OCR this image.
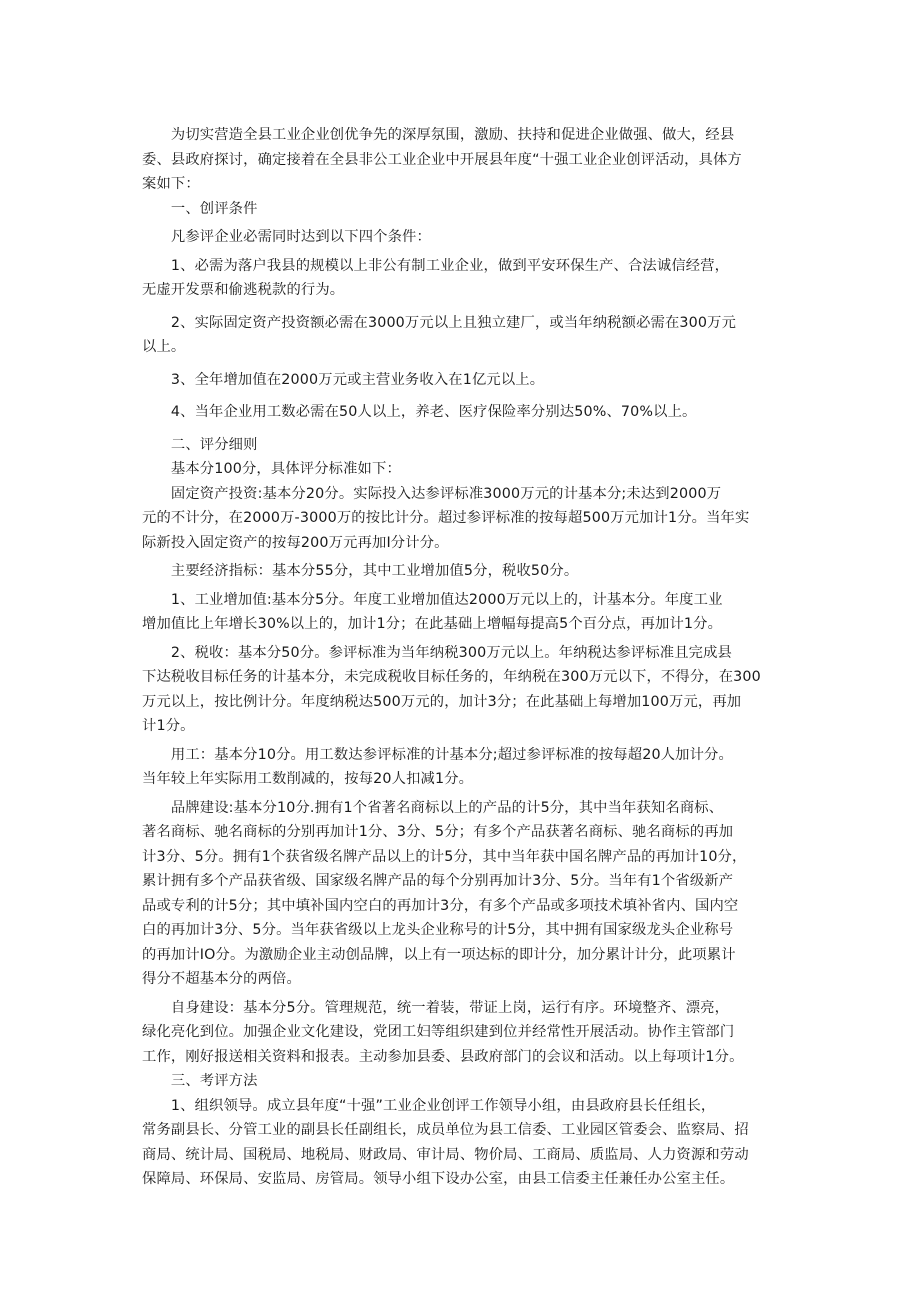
　　为切实营造全县工业企业创优争先的深厚氛围，激励、扶持和促进企业做强、做大，经县
委、县政府探讨，确定接着在全县非公工业企业中开展县年度“十强工业企业创评活动，具体方
案如下：

　　一、创评条件

　　凡参评企业必需同时达到以下四个条件：

　　1、必需为落户我县的规模以上非公有制工业企业，做到平安环保生产、合法诚信经营，
无虚开发票和偷逃税款的行为。

　　2、实际固定资产投资额必需在3000万元以上且独立建厂，或当年纳税额必需在300万元
以上。

　　3、全年增加值在2000万元或主营业务收入在1亿元以上。

　　4、当年企业用工数必需在50人以上，养老、医疗保险率分别达50%、70%以上。

　　二、评分细则

　　基本分100分，具体评分标准如下：

　　固定资产投资:基本分20分。实际投入达参评标准3000万元的计基本分;未达到2000万
元的不计分，在2000万-3000万的按比计分。超过参评标准的按每超500万元加计1分。当年实
际新投入固定资产的按每200万元再加I分计分。

　　主要经济指标：基本分55分，其中工业增加值5分，税收50分。

　　1、工业增加值:基本分5分。年度工业增加值达2000万元以上的，计基本分。年度工业
增加值比上年增长30%以上的，加计1分；在此基础上增幅每提高5个百分点，再加计1分。

　　2、税收：基本分50分。参评标准为当年纳税300万元以上。年纳税达参评标准且完成县
下达税收目标任务的计基本分，未完成税收目标任务的，年纳税在300万元以下，不得分，在300
万元以上，按比例计分。年度纳税达500万元的，加计3分；在此基础上每增加100万元，再加
计1分。

　　用工：基本分10分。用工数达参评标准的计基本分;超过参评标准的按每超20人加计分。
当年较上年实际用工数削减的，按每20人扣减1分。

　　品牌建设:基本分10分.拥有1个省著名商标以上的产品的计5分，其中当年获知名商标、
著名商标、驰名商标的分别再加计1分、3分、5分；有多个产品获著名商标、驰名商标的再加
计3分、5分。拥有1个获省级名牌产品以上的计5分，其中当年获中国名牌产品的再加计10分，
累计拥有多个产品获省级、国家级名牌产品的每个分别再加计3分、5分。当年有1个省级新产
品或专利的计5分；其中填补国内空白的再加计3分，有多个产品或多项技术填补省内、国内空
白的再加计3分、5分。当年获省级以上龙头企业称号的计5分，其中拥有国家级龙头企业称号
的再加计IO分。为激励企业主动创品牌，以上有一项达标的即计分，加分累计计分，此项累计
得分不超基本分的两倍。

　　自身建设：基本分5分。管理规范，统一着装，带证上岗，运行有序。环境整齐、漂亮，
绿化亮化到位。加强企业文化建设，党团工妇等组织建到位并经常性开展活动。协作主管部门
工作，刚好报送相关资料和报表。主动参加县委、县政府部门的会议和活动。以上每项计1分。

　　三、考评方法

　　1、组织领导。成立县年度“十强”工业企业创评工作领导小组，由县政府县长任组长，
常务副县长、分管工业的副县长任副组长，成员单位为县工信委、工业园区管委会、监察局、招
商局、统计局、国税局、地税局、财政局、审计局、物价局、工商局、质监局、人力资源和劳动
保障局、环保局、安监局、房管局。领导小组下设办公室，由县工信委主任兼任办公室主任。
